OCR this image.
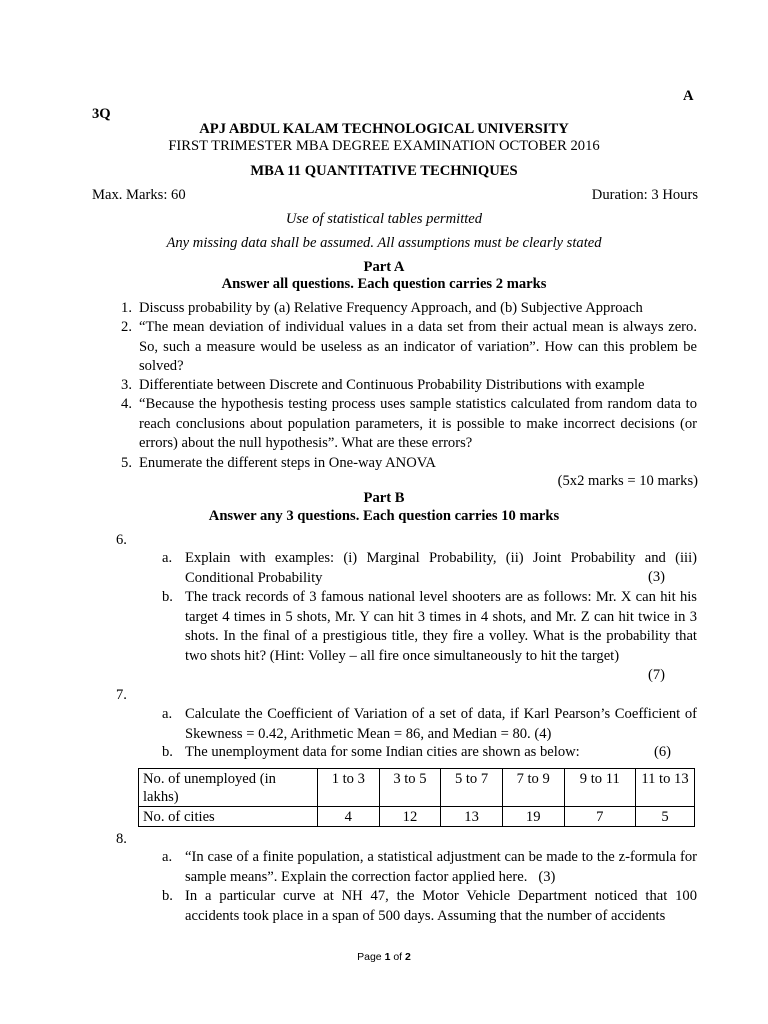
A
3Q
APJ ABDUL KALAM TECHNOLOGICAL UNIVERSITY
FIRST TRIMESTER MBA DEGREE EXAMINATION OCTOBER 2016
MBA 11 QUANTITATIVE TECHNIQUES
Max. Marks: 60	Duration: 3 Hours
Use of statistical tables permitted
Any missing data shall be assumed. All assumptions must be clearly stated
Part A
Answer all questions. Each question carries 2 marks
1. Discuss probability by (a) Relative Frequency Approach, and (b) Subjective Approach
2. “The mean deviation of individual values in a data set from their actual mean is always zero. So, such a measure would be useless as an indicator of variation”. How can this problem be solved?
3. Differentiate between Discrete and Continuous Probability Distributions with example
4. “Because the hypothesis testing process uses sample statistics calculated from random data to reach conclusions about population parameters, it is possible to make incorrect decisions (or errors) about the null hypothesis”. What are these errors?
5. Enumerate the different steps in One-way ANOVA
(5x2 marks = 10 marks)
Part B
Answer any 3 questions. Each question carries 10 marks
6.
a. Explain with examples: (i) Marginal Probability, (ii) Joint Probability and (iii) Conditional Probability	(3)
b. The track records of 3 famous national level shooters are as follows: Mr. X can hit his target 4 times in 5 shots, Mr. Y can hit 3 times in 4 shots, and Mr. Z can hit twice in 3 shots. In the final of a prestigious title, they fire a volley. What is the probability that two shots hit? (Hint: Volley – all fire once simultaneously to hit the target)
(7)
7.
a. Calculate the Coefficient of Variation of a set of data, if Karl Pearson’s Coefficient of Skewness = 0.42, Arithmetic Mean = 86, and Median = 80. (4)
b. The unemployment data for some Indian cities are shown as below:	(6)
No. of unemployed (in lakhs)	1 to 3	3 to 5	5 to 7	7 to 9	9 to 11	11 to 13
No. of cities	4	12	13	19	7	5
8.
a. “In case of a finite population, a statistical adjustment can be made to the z-formula for sample means”. Explain the correction factor applied here. (3)
b. In a particular curve at NH 47, the Motor Vehicle Department noticed that 100 accidents took place in a span of 500 days. Assuming that the number of accidents
Page 1 of 2
